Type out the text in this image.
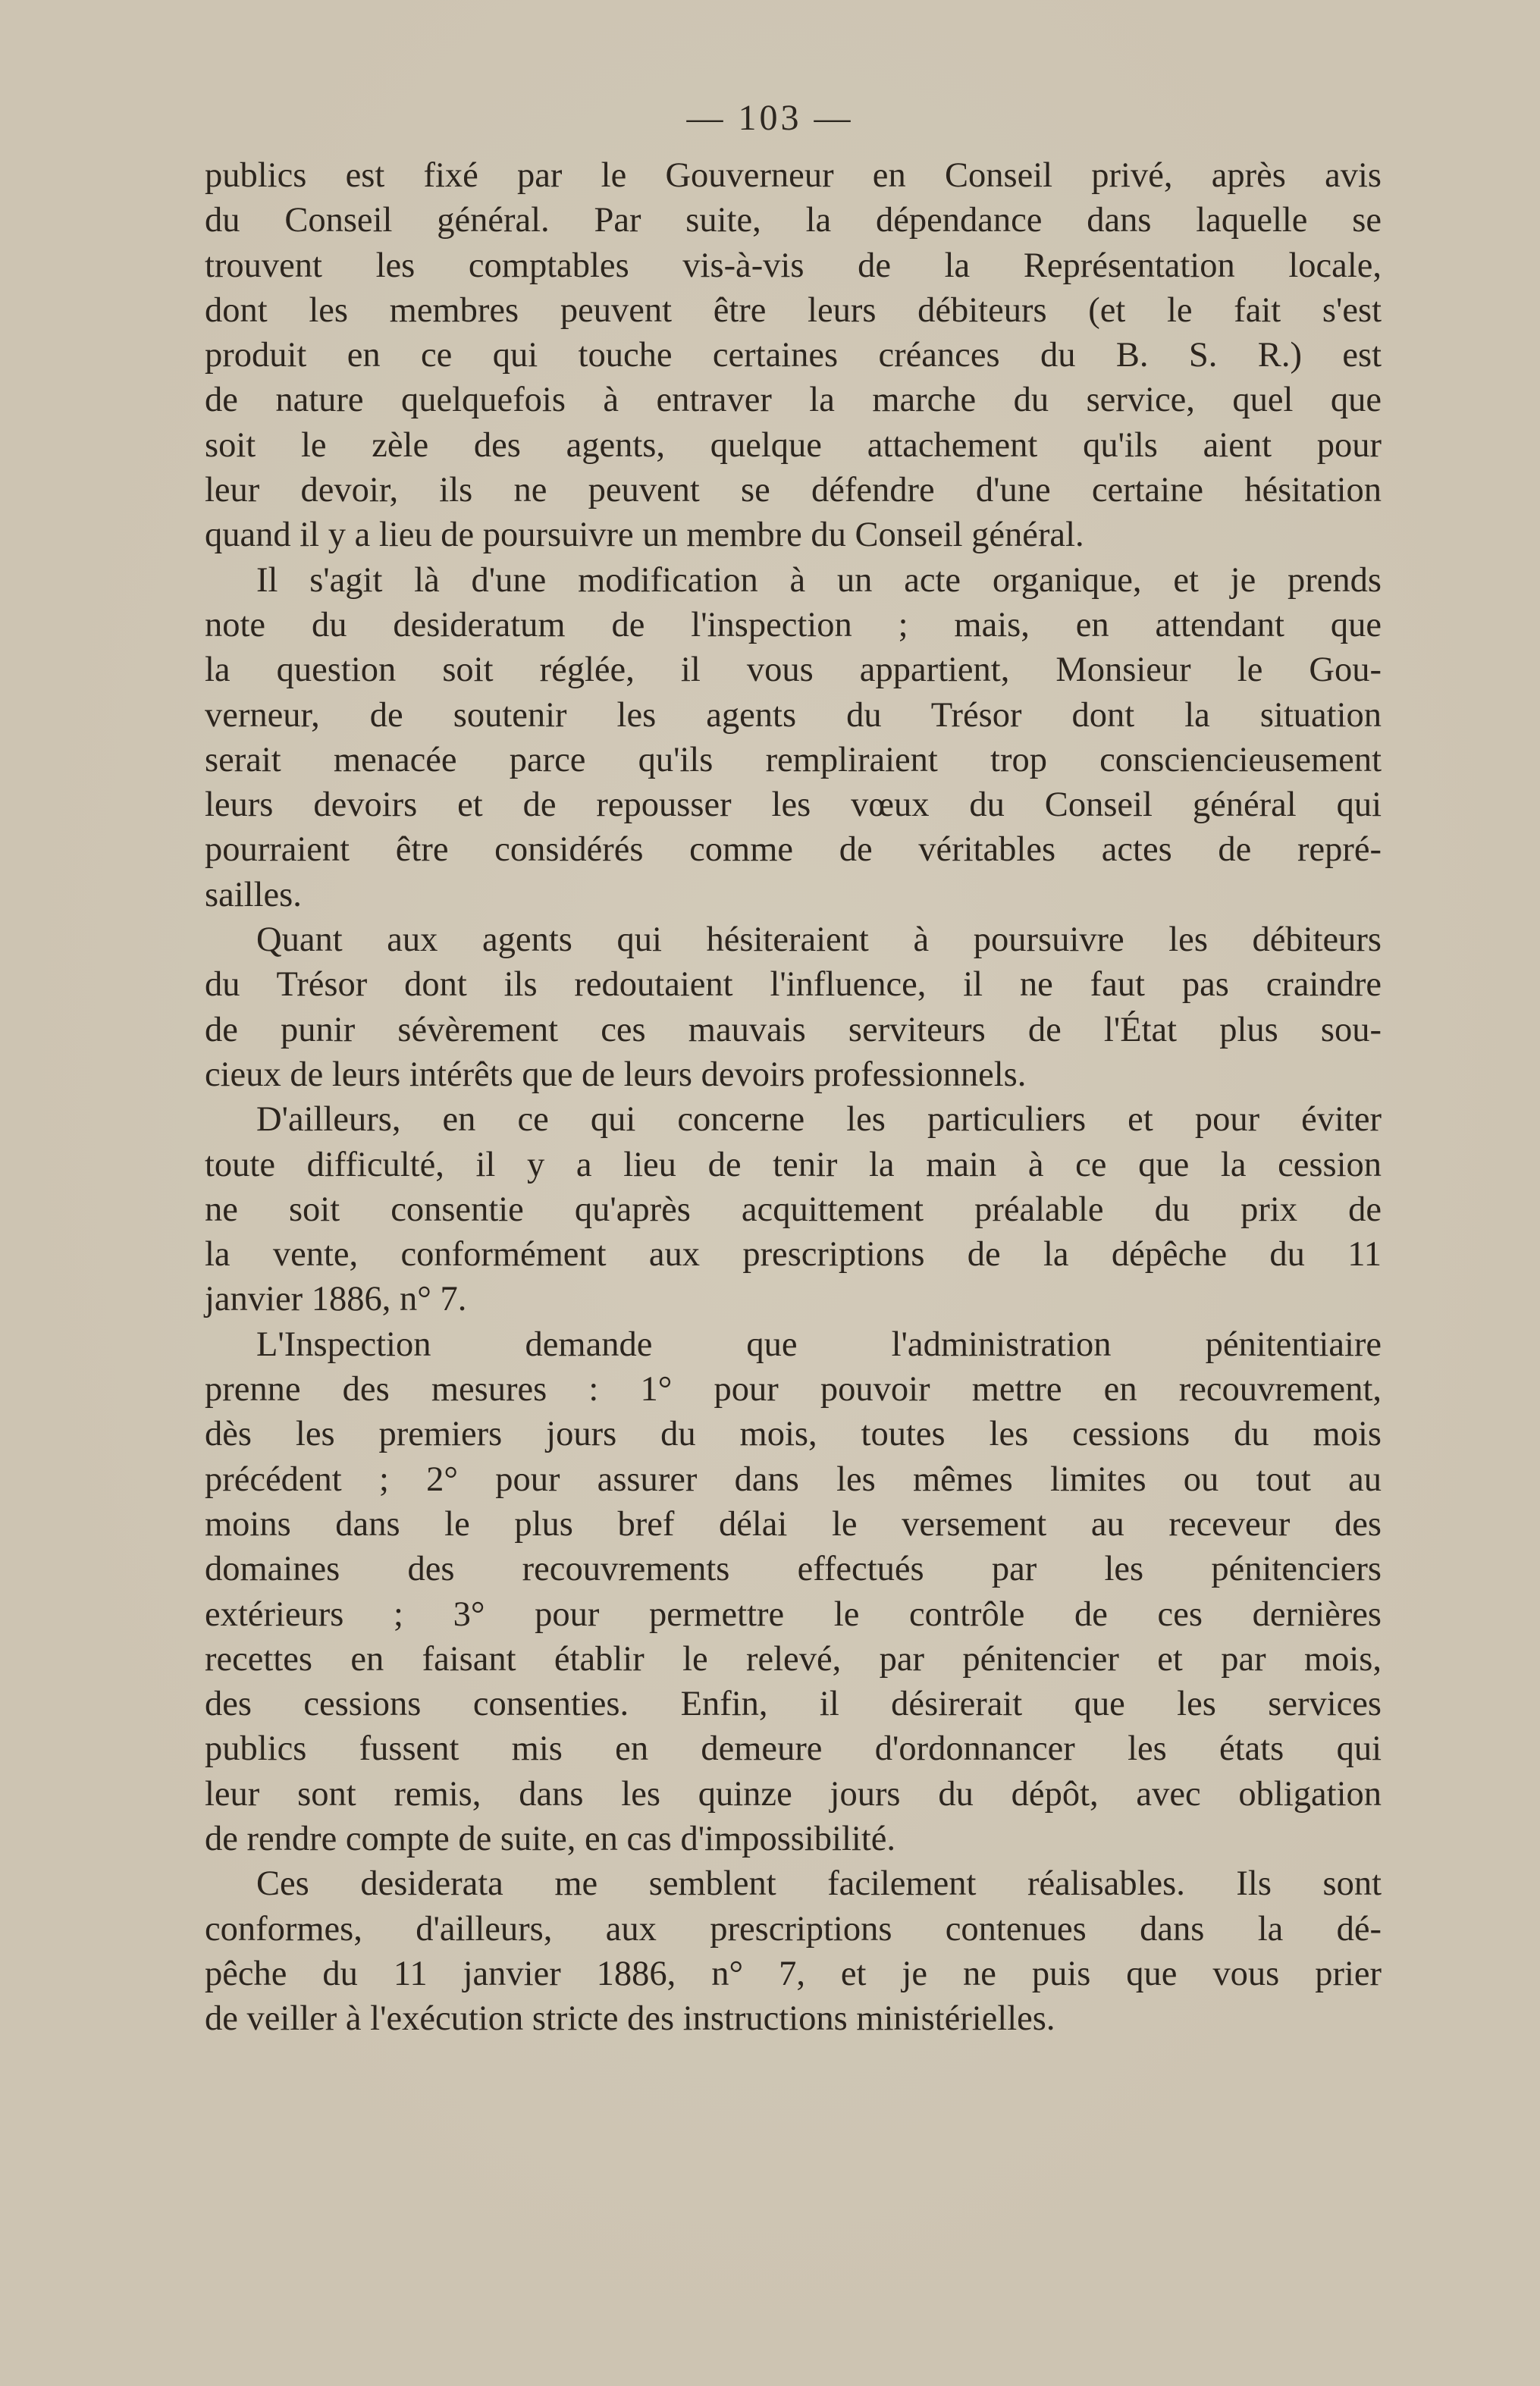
— 103 —
publics est fixé par le Gouverneur en Conseil privé, après avis
du Conseil général. Par suite, la dépendance dans laquelle se
trouvent les comptables vis-à-vis de la Représentation locale,
dont les membres peuvent être leurs débiteurs (et le fait s'est
produit en ce qui touche certaines créances du B. S. R.) est
de nature quelquefois à entraver la marche du service, quel que
soit le zèle des agents, quelque attachement qu'ils aient pour
leur devoir, ils ne peuvent se défendre d'une certaine hésitation
quand il y a lieu de poursuivre un membre du Conseil général.
Il s'agit là d'une modification à un acte organique, et je prends
note du desideratum de l'inspection ; mais, en attendant que
la question soit réglée, il vous appartient, Monsieur le Gou-
verneur, de soutenir les agents du Trésor dont la situation
serait menacée parce qu'ils rempliraient trop consciencieusement
leurs devoirs et de repousser les vœux du Conseil général qui
pourraient être considérés comme de véritables actes de repré-
sailles.
Quant aux agents qui hésiteraient à poursuivre les débiteurs
du Trésor dont ils redoutaient l'influence, il ne faut pas craindre
de punir sévèrement ces mauvais serviteurs de l'État plus sou-
cieux de leurs intérêts que de leurs devoirs professionnels.
D'ailleurs, en ce qui concerne les particuliers et pour éviter
toute difficulté, il y a lieu de tenir la main à ce que la cession
ne soit consentie qu'après acquittement préalable du prix de
la vente, conformément aux prescriptions de la dépêche du 11
janvier 1886, n° 7.
L'Inspection demande que l'administration pénitentiaire
prenne des mesures : 1° pour pouvoir mettre en recouvrement,
dès les premiers jours du mois, toutes les cessions du mois
précédent ; 2° pour assurer dans les mêmes limites ou tout au
moins dans le plus bref délai le versement au receveur des
domaines des recouvrements effectués par les pénitenciers
extérieurs ; 3° pour permettre le contrôle de ces dernières
recettes en faisant établir le relevé, par pénitencier et par mois,
des cessions consenties. Enfin, il désirerait que les services
publics fussent mis en demeure d'ordonnancer les états qui
leur sont remis, dans les quinze jours du dépôt, avec obligation
de rendre compte de suite, en cas d'impossibilité.
Ces desiderata me semblent facilement réalisables. Ils sont
conformes, d'ailleurs, aux prescriptions contenues dans la dé-
pêche du 11 janvier 1886, n° 7, et je ne puis que vous prier
de veiller à l'exécution stricte des instructions ministérielles.
